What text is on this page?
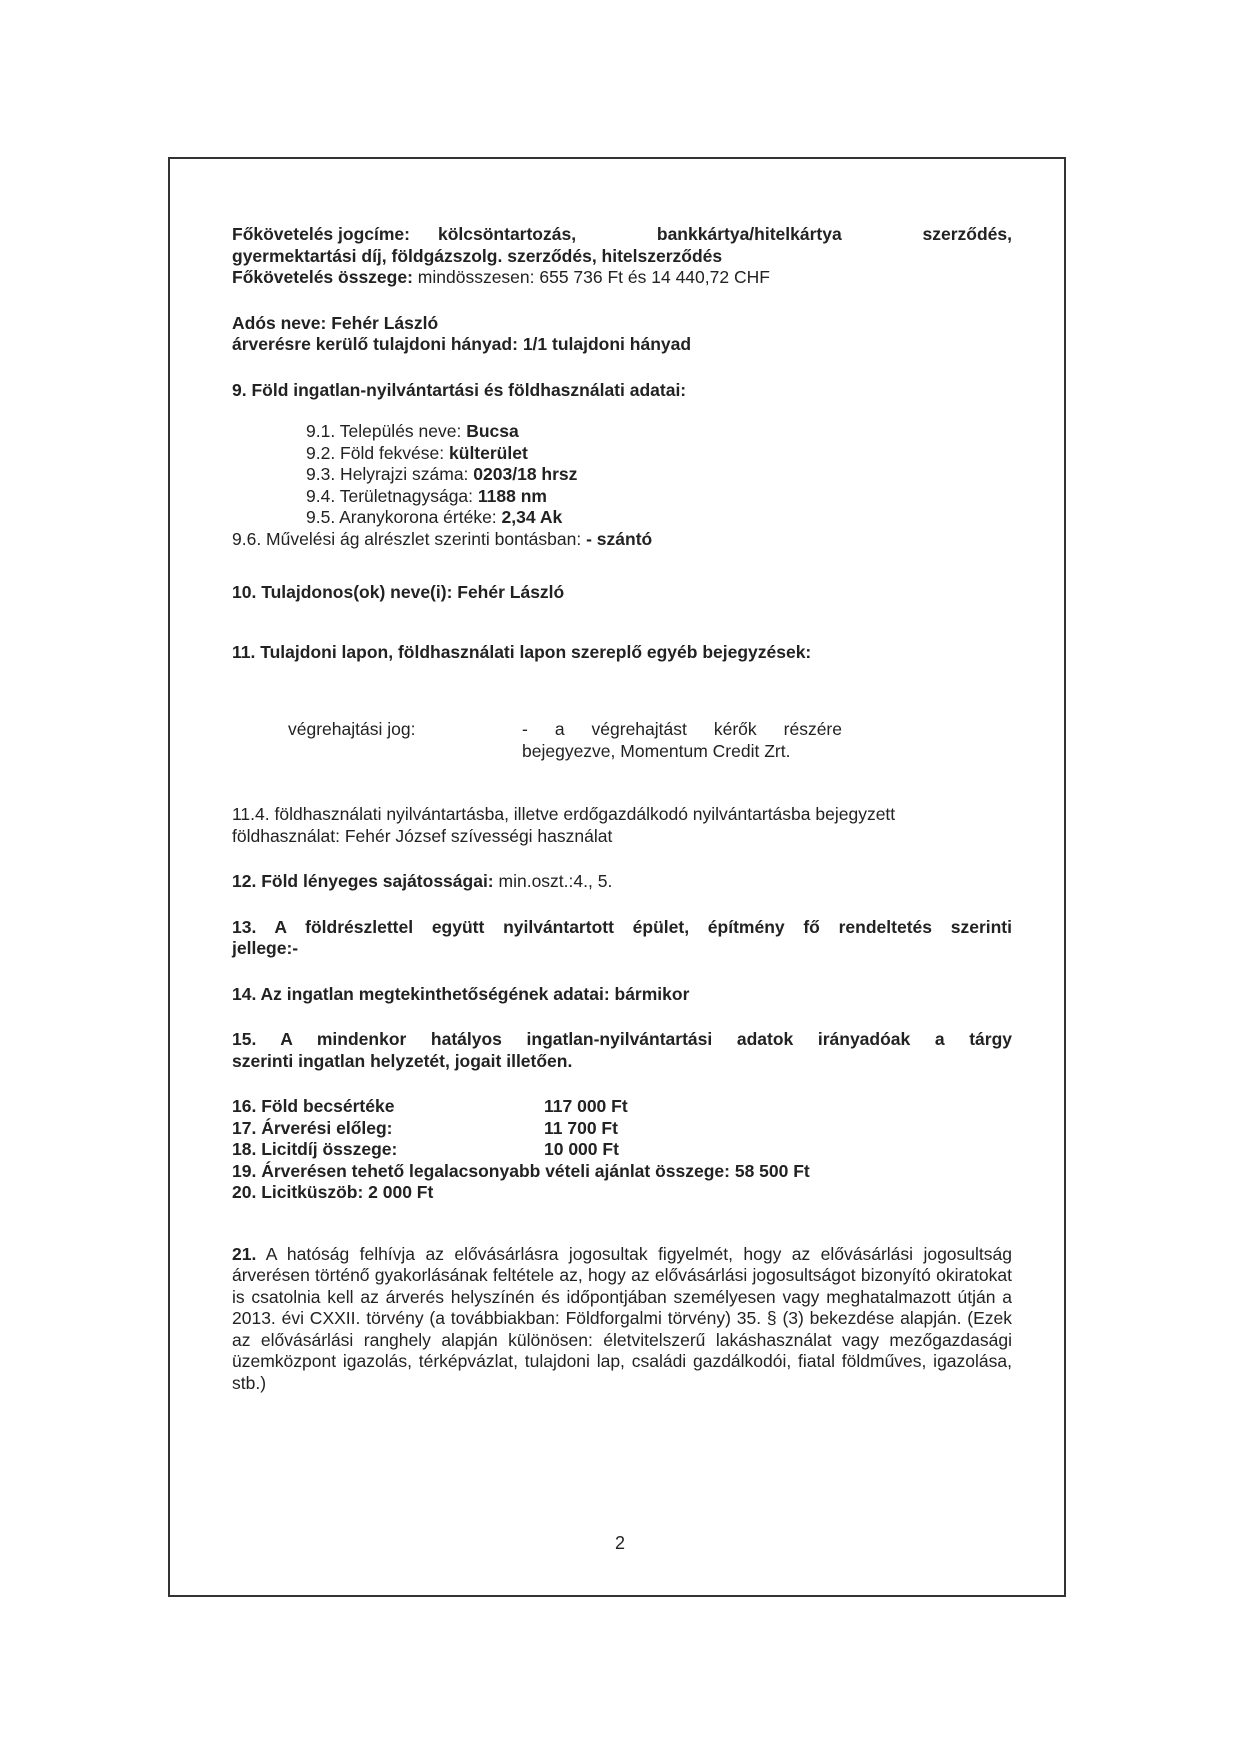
Főkövetelés jogcíme:	kölcsöntartozás, bankkártya/hitelkártya szerződés,

gyermektartási díj, földgázszolg. szerződés, hitelszerződés

Főkövetelés összege: mindösszesen: 655 736 Ft és 14 440,72 CHF

Adós neve: Fehér László

árverésre kerülő tulajdoni hányad: 1/1 tulajdoni hányad

9. Föld ingatlan-nyilvántartási és földhasználati adatai:

9.1. Település neve: Bucsa

9.2. Föld fekvése: külterület

9.3. Helyrajzi száma: 0203/18 hrsz

9.4. Területnagysága: 1188 nm

9.5. Aranykorona értéke: 2,34 Ak

9.6. Művelési ág alrészlet szerinti bontásban: - szántó

10. Tulajdonos(ok) neve(i): Fehér László

11. Tulajdoni lapon, földhasználati lapon szereplő egyéb bejegyzések:

végrehajtási jog:	- a végrehajtást kérők részére
bejegyezve, Momentum Credit Zrt.

11.4. földhasználati nyilvántartásba, illetve erdőgazdálkodó nyilvántartásba bejegyzett

földhasználat: Fehér József szívességi használat

12. Föld lényeges sajátosságai: min.oszt.:4., 5.

13. A földrészlettel együtt nyilvántartott épület, építmény fő rendeltetés szerinti

jellege:-

14. Az ingatlan megtekinthetőségének adatai: bármikor

15. A mindenkor hatályos ingatlan-nyilvántartási adatok irányadóak a tárgy

szerinti ingatlan helyzetét, jogait illetően.

16. Föld becsértéke	117 000 Ft
17. Árverési előleg:	11 700 Ft
18. Licitdíj összege:	10 000 Ft

19. Árverésen tehető legalacsonyabb vételi ajánlat összege: 58 500 Ft

20. Licitküszöb: 2 000 Ft

21. A hatóság felhívja az elővásárlásra jogosultak figyelmét, hogy az elővásárlási jogosultság árverésen történő gyakorlásának feltétele az, hogy az elővásárlási jogosultságot bizonyító okiratokat is csatolnia kell az árverés helyszínén és időpontjában személyesen vagy meghatalmazott útján a 2013. évi CXXII. törvény (a továbbiakban: Földforgalmi törvény) 35. § (3) bekezdése alapján. (Ezek az elővásárlási ranghely alapján különösen: életvitelszerű lakáshasználat vagy mezőgazdasági üzemközpont igazolás, térképvázlat, tulajdoni lap, családi gazdálkodói, fiatal földműves, igazolása, stb.)

2
